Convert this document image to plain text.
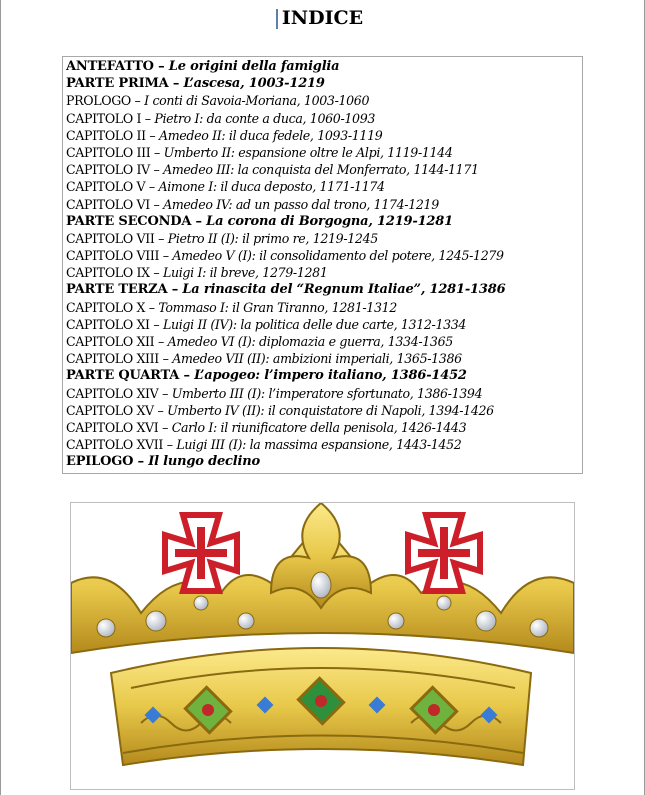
INDICE
ANTEFATTO – Le origini della famiglia
PARTE PRIMA – L’ascesa, 1003-1219
PROLOGO – I conti di Savoia-Moriana, 1003-1060
CAPITOLO I – Pietro I: da conte a duca, 1060-1093
CAPITOLO II – Amedeo II: il duca fedele, 1093-1119
CAPITOLO III – Umberto II: espansione oltre le Alpi, 1119-1144
CAPITOLO IV – Amedeo III: la conquista del Monferrato, 1144-1171
CAPITOLO V – Aimone I: il duca deposto, 1171-1174
CAPITOLO VI – Amedeo IV: ad un passo dal trono, 1174-1219
PARTE SECONDA – La corona di Borgogna, 1219-1281
CAPITOLO VII – Pietro II (I): il primo re, 1219-1245
CAPITOLO VIII – Amedeo V (I): il consolidamento del potere, 1245-1279
CAPITOLO IX – Luigi I: il breve, 1279-1281
PARTE TERZA – La rinascita del “Regnum Italiae”, 1281-1386
CAPITOLO X – Tommaso I: il Gran Tiranno, 1281-1312
CAPITOLO XI – Luigi II (IV): la politica delle due carte, 1312-1334
CAPITOLO XII – Amedeo VI (I): diplomazia e guerra, 1334-1365
CAPITOLO XIII – Amedeo VII (II): ambizioni imperiali, 1365-1386
PARTE QUARTA – L’apogeo: l’impero italiano, 1386-1452
CAPITOLO XIV – Umberto III (I): l’imperatore sfortunato, 1386-1394
CAPITOLO XV – Umberto IV (II): il conquistatore di Napoli, 1394-1426
CAPITOLO XVI – Carlo I: il riunificatore della penisola, 1426-1443
CAPITOLO XVII – Luigi III (I): la massima espansione, 1443-1452
EPILOGO – Il lungo declino
